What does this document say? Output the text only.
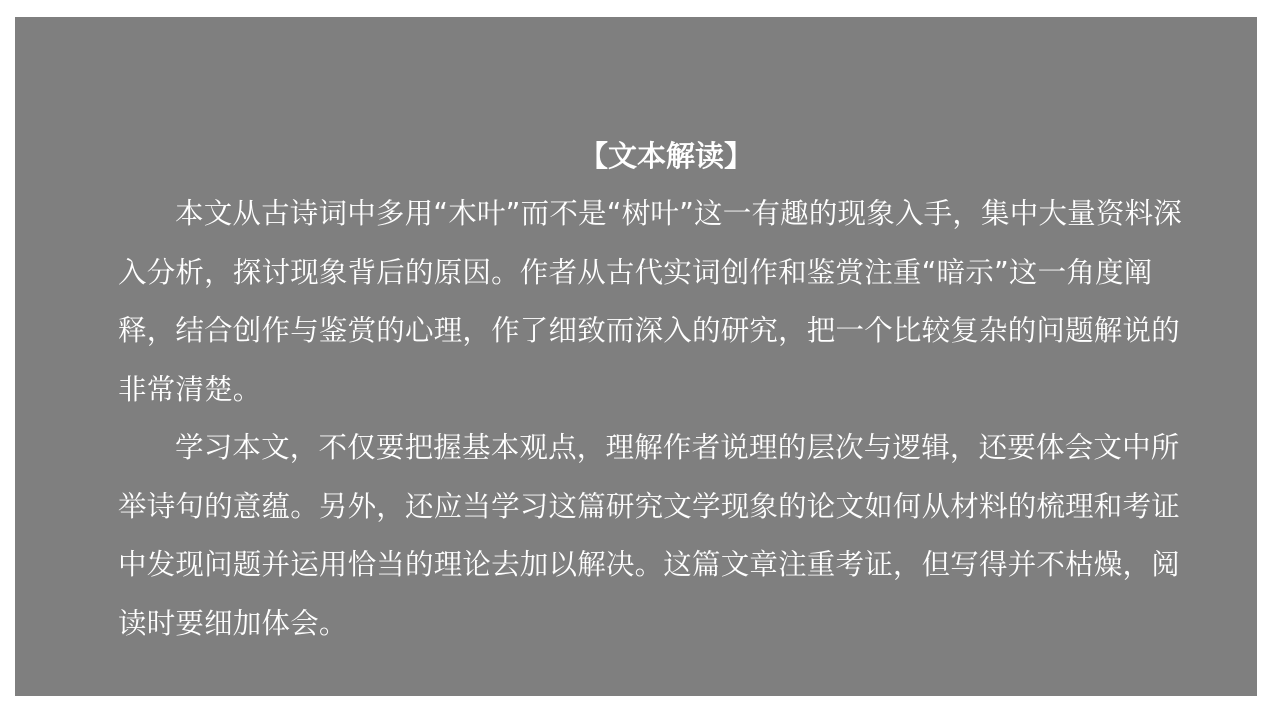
【文本解读】

本文从古诗词中多用“木叶”而不是“树叶”这一有趣的现象入手，集中大量资料深入分析，探讨现象背后的原因。作者从古代实词创作和鉴赏注重“暗示”这一角度阐释，结合创作与鉴赏的心理，作了细致而深入的研究，把一个比较复杂的问题解说的非常清楚。

学习本文，不仅要把握基本观点，理解作者说理的层次与逻辑，还要体会文中所举诗句的意蕴。另外，还应当学习这篇研究文学现象的论文如何从材料的梳理和考证中发现问题并运用恰当的理论去加以解决。这篇文章注重考证，但写得并不枯燥，阅读时要细加体会。
